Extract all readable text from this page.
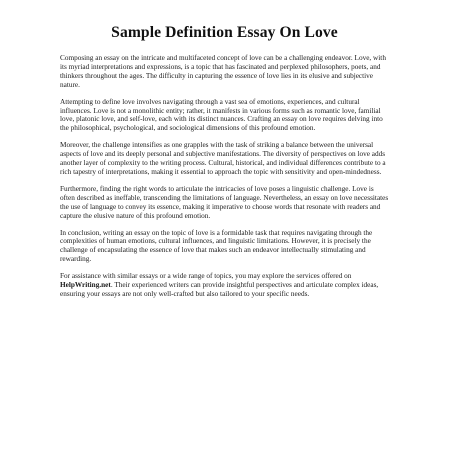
Sample Definition Essay On Love

Composing an essay on the intricate and multifaceted concept of love can be a challenging endeavor. Love, with its myriad interpretations and expressions, is a topic that has fascinated and perplexed philosophers, poets, and thinkers throughout the ages. The difficulty in capturing the essence of love lies in its elusive and subjective nature.

Attempting to define love involves navigating through a vast sea of emotions, experiences, and cultural influences. Love is not a monolithic entity; rather, it manifests in various forms such as romantic love, familial love, platonic love, and self-love, each with its distinct nuances. Crafting an essay on love requires delving into the philosophical, psychological, and sociological dimensions of this profound emotion.

Moreover, the challenge intensifies as one grapples with the task of striking a balance between the universal aspects of love and its deeply personal and subjective manifestations. The diversity of perspectives on love adds another layer of complexity to the writing process. Cultural, historical, and individual differences contribute to a rich tapestry of interpretations, making it essential to approach the topic with sensitivity and open-mindedness.

Furthermore, finding the right words to articulate the intricacies of love poses a linguistic challenge. Love is often described as ineffable, transcending the limitations of language. Nevertheless, an essay on love necessitates the use of language to convey its essence, making it imperative to choose words that resonate with readers and capture the elusive nature of this profound emotion.

In conclusion, writing an essay on the topic of love is a formidable task that requires navigating through the complexities of human emotions, cultural influences, and linguistic limitations. However, it is precisely the challenge of encapsulating the essence of love that makes such an endeavor intellectually stimulating and rewarding.

For assistance with similar essays or a wide range of topics, you may explore the services offered on HelpWriting.net. Their experienced writers can provide insightful perspectives and articulate complex ideas, ensuring your essays are not only well-crafted but also tailored to your specific needs.
